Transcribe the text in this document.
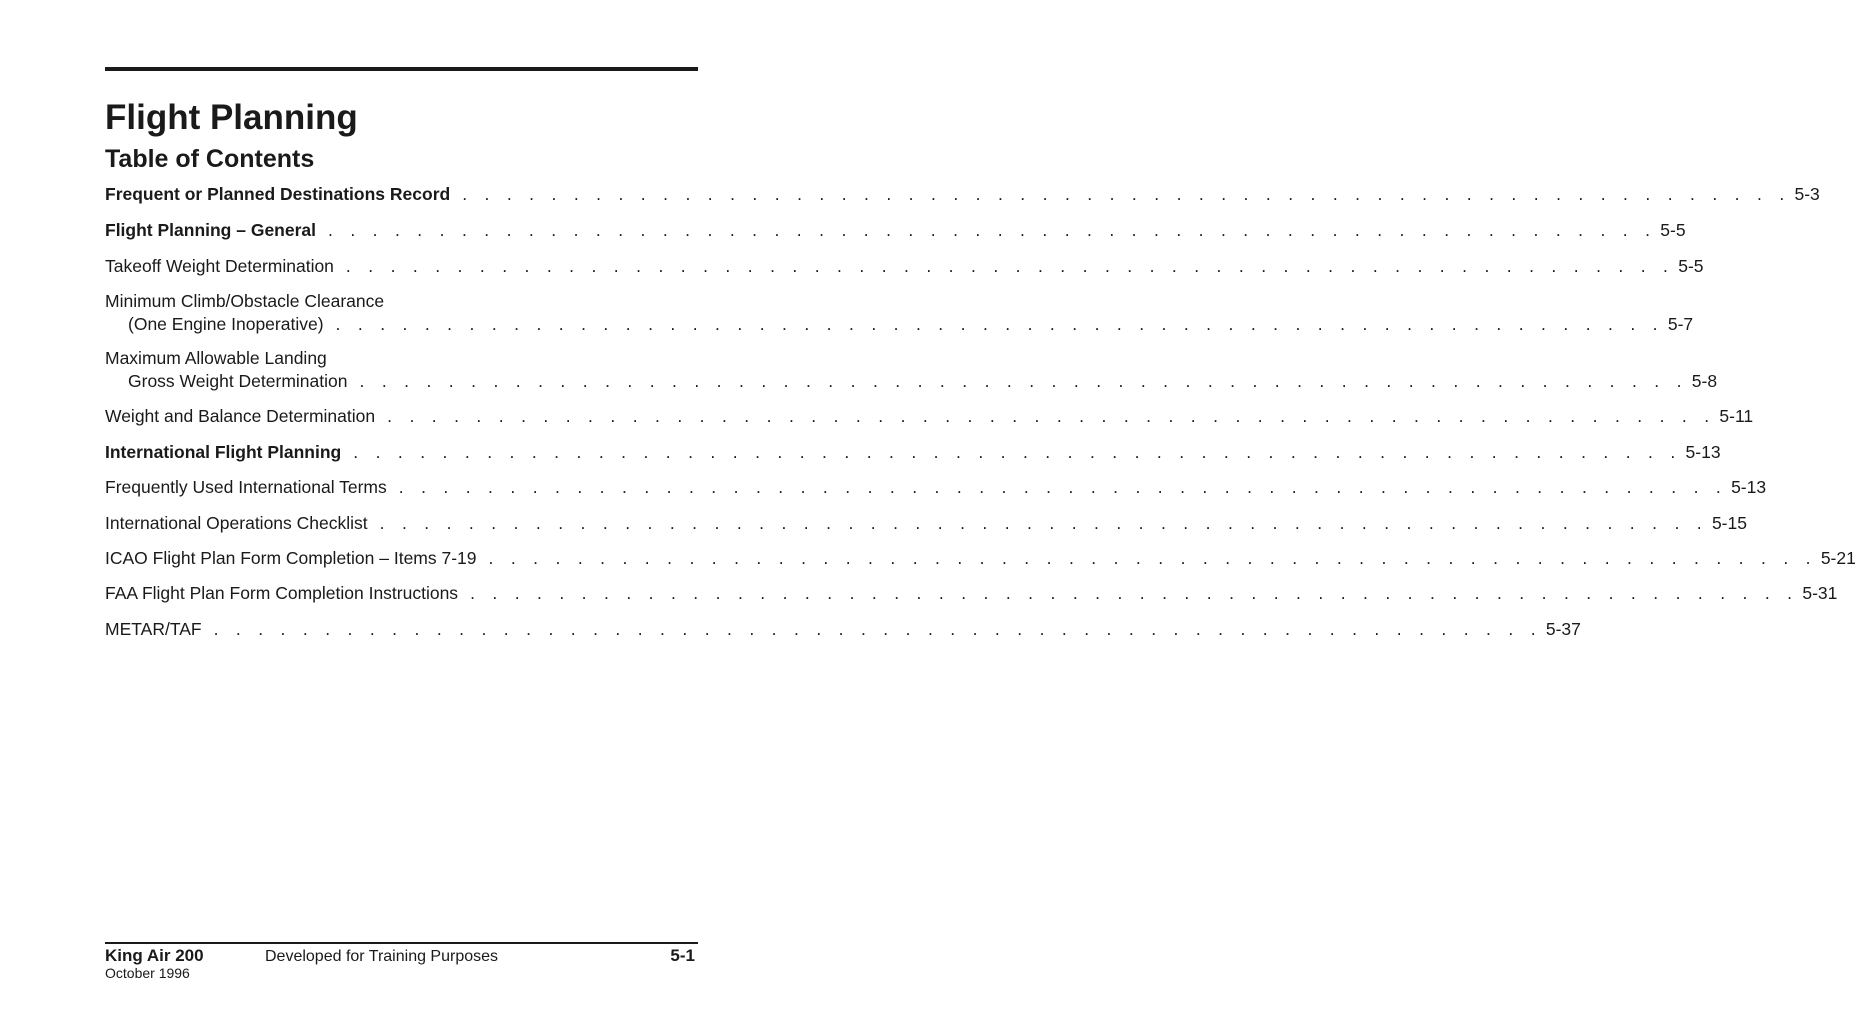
Flight Planning
Table of Contents
Frequent or Planned Destinations Record . . . . . . . . . . . . . . . . . . . . . . . . . . . . . . . . . . . . . . . . . . . . . . . . . . . . . . . . . . . . 5-3
Flight Planning – General . . . . . . . . . . . . . . . . . . . . . . . . . . . . . . . . . . . . . . . . . . . . . . . . . . . . . . . . . . . . 5-5
Takeoff Weight Determination . . . . . . . . . . . . . . . . . . . . . . . . . . . . . . . . . . . . . . . . . . . . . . . . . . . . . . . . . . . . 5-5
Minimum Climb/Obstacle Clearance
(One Engine Inoperative) . . . . . . . . . . . . . . . . . . . . . . . . . . . . . . . . . . . . . . . . . . . . . . . . . . . . . . . . . . . . 5-7
Maximum Allowable Landing
Gross Weight Determination . . . . . . . . . . . . . . . . . . . . . . . . . . . . . . . . . . . . . . . . . . . . . . . . . . . . . . . . . . . . 5-8
Weight and Balance Determination . . . . . . . . . . . . . . . . . . . . . . . . . . . . . . . . . . . . . . . . . . . . . . . . . . . . . . . . . . . . 5-11
International Flight Planning . . . . . . . . . . . . . . . . . . . . . . . . . . . . . . . . . . . . . . . . . . . . . . . . . . . . . . . . . . . . 5-13
Frequently Used International Terms . . . . . . . . . . . . . . . . . . . . . . . . . . . . . . . . . . . . . . . . . . . . . . . . . . . . . . . . . . . . 5-13
International Operations Checklist . . . . . . . . . . . . . . . . . . . . . . . . . . . . . . . . . . . . . . . . . . . . . . . . . . . . . . . . . . . . 5-15
ICAO Flight Plan Form Completion – Items 7-19 . . . . . . . . . . . . . . . . . . . . . . . . . . . . . . . . . . . . . . . . . . . . . . . . . . . . . . . . . . . . 5-21
FAA Flight Plan Form Completion Instructions . . . . . . . . . . . . . . . . . . . . . . . . . . . . . . . . . . . . . . . . . . . . . . . . . . . . . . . . . . . . 5-31
METAR/TAF . . . . . . . . . . . . . . . . . . . . . . . . . . . . . . . . . . . . . . . . . . . . . . . . . . . . . . . . . . . . 5-37
King Air 200
October 1996
Developed for Training Purposes	5-1
